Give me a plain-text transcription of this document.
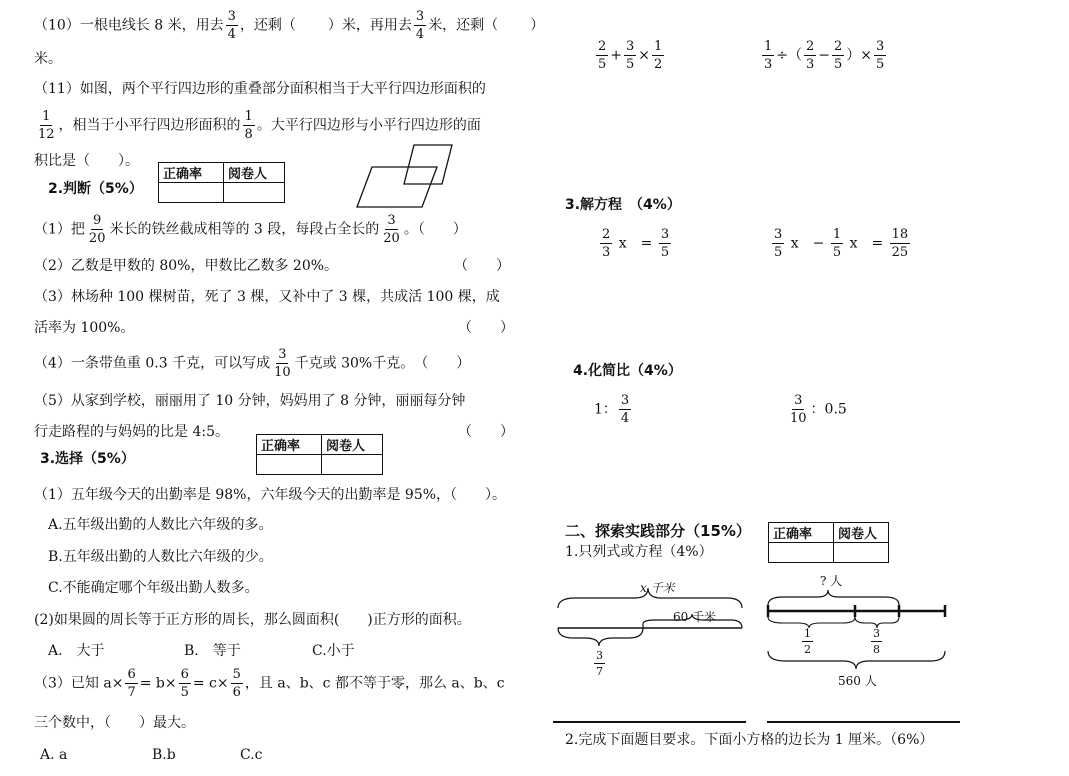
（10）一根电线长 8 米，用去 $\frac{3}{4}$ ，还剩（ ）米，再用去 $\frac{3}{4}$ 米，还剩（ ）
米。
（11）如图，两个平行四边形的重叠部分面积相当于大平行四边形面积的
$\frac{1}{12}$ ，相当于小平行四边形面积的 $\frac{1}{8}$ 。大平行四边形与小平行四边形的面
积比是（　　）。
正确率	阅卷人

2.判断（5%）
（1）把 $\frac{9}{20}$ 米长的铁丝截成相等的 3 段，每段占全长的 $\frac{3}{20}$ 。（　　）
（2）乙数是甲数的 80%，甲数比乙数多 20%。	（　　）
（3）林场种 100 棵树苗，死了 3 棵，又补中了 3 棵，共成活 100 棵，成
活率为 100%。	（　　）
（4）一条带鱼重 0.3 千克，可以写成 $\frac{3}{10}$ 千克或 30%千克。　（　　）
（5）从家到学校，丽丽用了 10 分钟，妈妈用了 8 分钟，丽丽每分钟
行走路程的与妈妈的比是 4:5。	（　　）
正确率	阅卷人

3.选择（5%）
（1）五年级今天的出勤率是 98%，六年级今天的出勤率是 95%，（　　）。
A.五年级出勤的人数比六年级的多。
B.五年级出勤的人数比六年级的少。
C.不能确定哪个年级出勤人数多。
(2)如果圆的周长等于正方形的周长，那么圆面积(　　)正方形的面积。
A.　大于	B.　等于	C.小于
（3）已知 $a\times \frac{6}{7} = b\times \frac{6}{5} = c\times \frac{5}{6}$ ，且 a、b、c 都不等于零，那么 a、b、c
三个数中，（　　）最大。
A. a	B.b	C.c
$\frac{2}{5} + \frac{3}{5} \times \frac{1}{2}$	$\frac{1}{3}$ ÷（ $\frac{2}{3} - \frac{2}{5}$ ）× $\frac{3}{5}$
3.解方程　（4%）
$\frac{2}{3}$ x　= $\frac{3}{5}$	$\frac{3}{5}$ x　− $\frac{1}{5}$ x　= $\frac{18}{25}$
4.化简比（4%）
1： $\frac{3}{4}$	$\frac{3}{10}$ ：0.5
二、探索实践部分（15%） 正确率	阅卷人

1.只列式或方程（4%）
x 千米
60 千米
$\frac{3}{7}$
? 人
$\frac{1}{2}$	$\frac{3}{8}$
560 人
2.完成下面题目要求。下面小方格的边长为 1 厘米。（6%）
